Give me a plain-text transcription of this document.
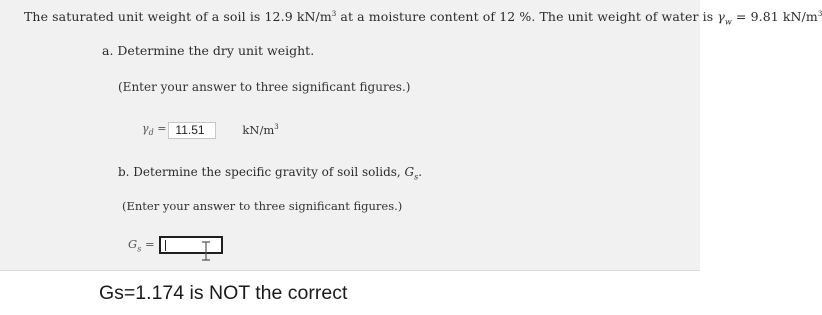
The saturated unit weight of a soil is 12.9 $kN/m^3$ at a moisture content of 12 %. The unit weight of water is $\gamma_w = 9.81$ $kN/m^3$
a. Determine the dry unit weight.
(Enter your answer to three significant figures.)
$\gamma_d = 11.51$	$kN/m^3$
b. Determine the specific gravity of soil solids, $G_s$.
(Enter your answer to three significant figures.)
$G_s$ =
Gs=1.174 is NOT the correct
